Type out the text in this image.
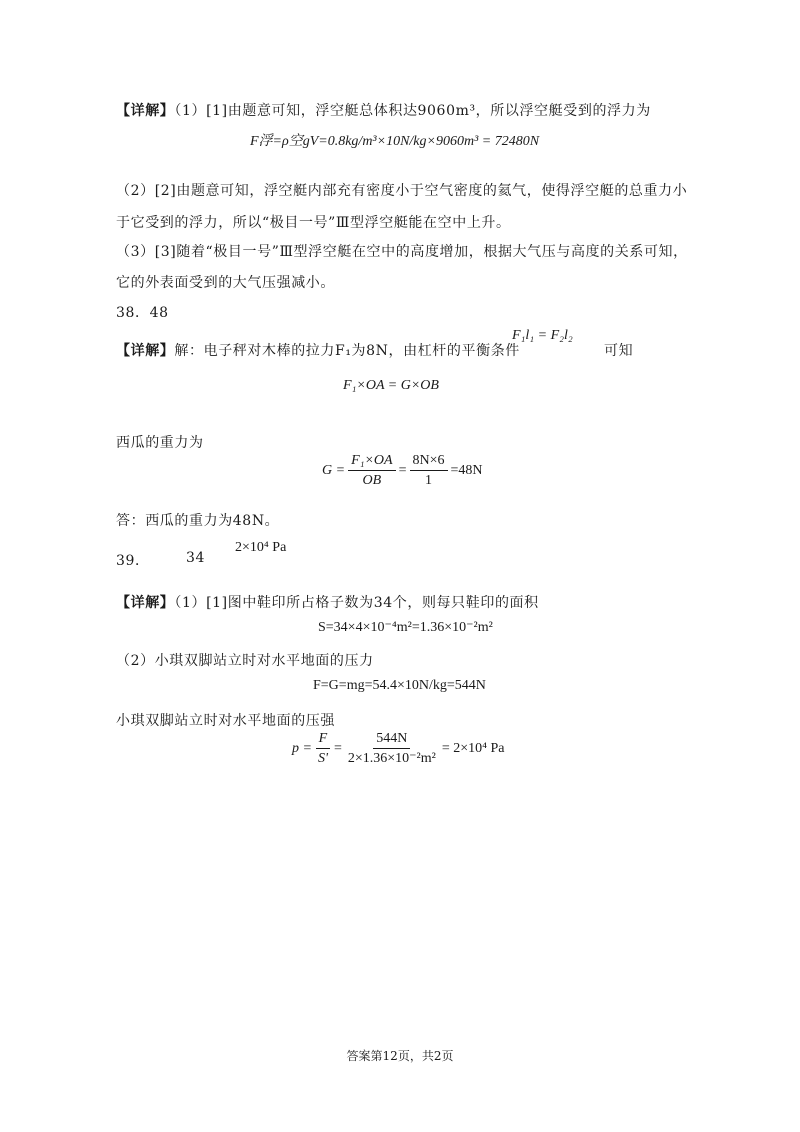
【详解】（1）[1]由题意可知，浮空艇总体积达9060m³，所以浮空艇受到的浮力为
F浮=ρ空gV=0.8kg/m³×10N/kg×9060m³ = 72480N
（2）[2]由题意可知，浮空艇内部充有密度小于空气密度的氦气，使得浮空艇的总重力小
于它受到的浮力，所以“极目一号”Ⅲ型浮空艇能在空中上升。
（3）[3]随着“极目一号”Ⅲ型浮空艇在空中的高度增加，根据大气压与高度的关系可知，
它的外表面受到的大气压强减小。
38．48
【详解】解：电子秤对木棒的拉力F₁为8N，由杠杆的平衡条件
F₁l₁ = F₂l₂
可知
F₁×OA = G×OB
西瓜的重力为
$G = \frac{\text{F₁×OA}}{OB} = \frac{8N\times 6}{1} =48N$
答：西瓜的重力为48N。
39．	34
2×10⁴ Pa
【详解】（1）[1]图中鞋印所占格子数为34个，则每只鞋印的面积
S=34×4×10⁻⁴m²=1.36×10⁻²m²
（2）小琪双脚站立时对水平地面的压力
F=G=mg=54.4×10N/kg=544N
小琪双脚站立时对水平地面的压强
$p = \frac{F}{S'} = \frac{544N}{\text{2×1.36×10⁻²m²}} = 2\times 10^4$ Pa
答案第12页，共2页
